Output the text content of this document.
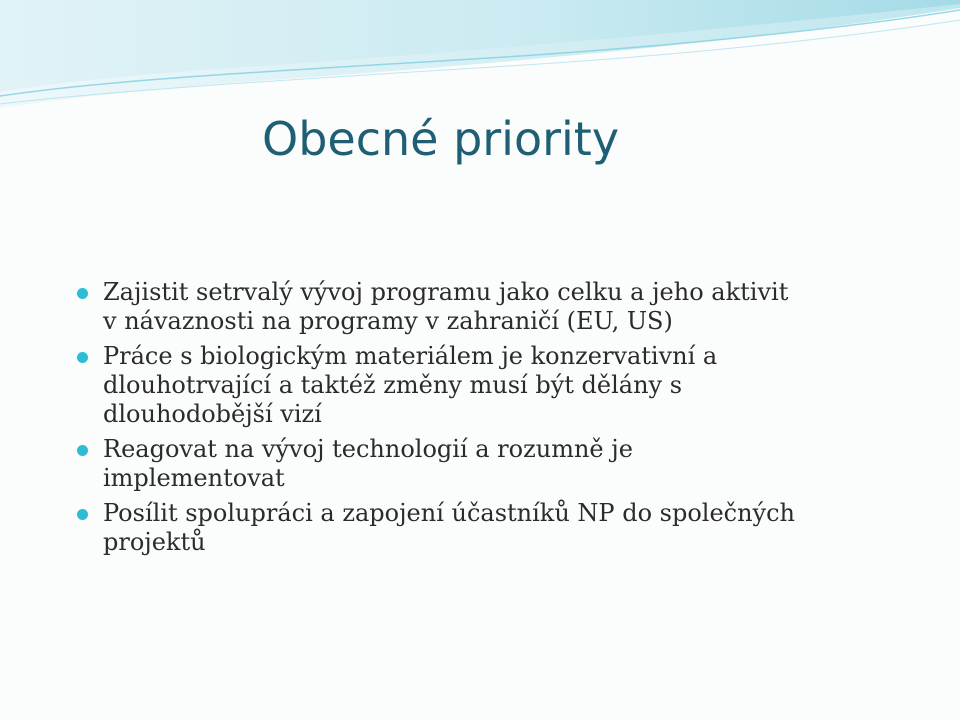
Obecné priority
Zajistit setrvalý vývoj programu jako celku a jeho aktivit v návaznosti na programy v zahraničí (EU, US)
Práce s biologickým materiálem je konzervativní a dlouhotrvající a taktéž změny musí být dělány s dlouhodobější vizí
Reagovat na vývoj technologií a rozumně je implementovat
Posílit spolupráci a zapojení účastníků NP do společných projektů
